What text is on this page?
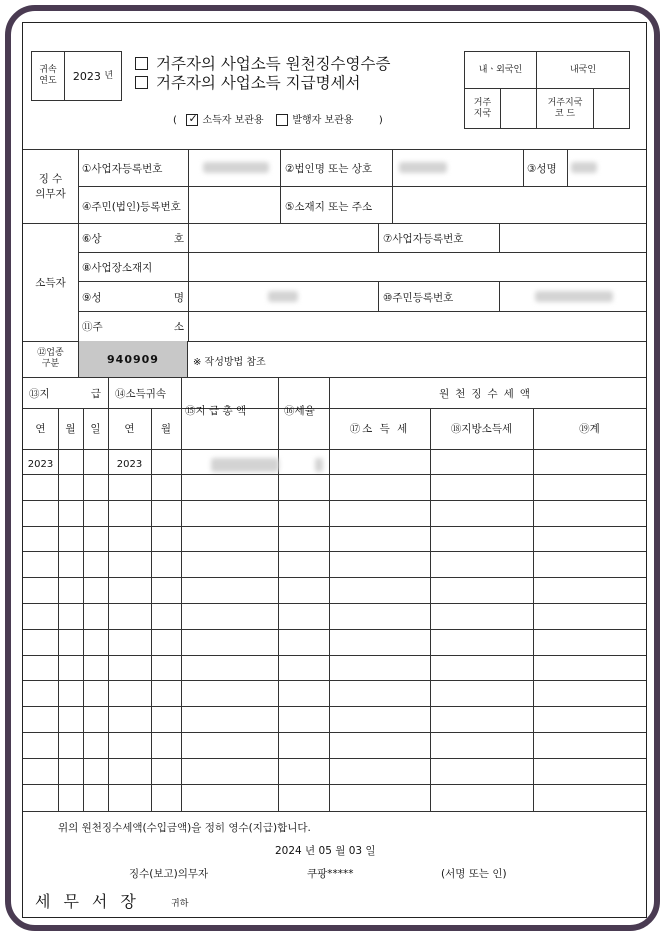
귀속
연도 2023
년
거주자의 사업소득 원천징수영수증
거주자의 사업소득 지급명세서
(   ✓	소득자 보관용	발행자 보관용	)
내ㆍ외국인	내국인
거주
지국
거주지국
코 드
징 수
의무자
①사업자등록번호	②법인명 또는 상호	③성명
④주민(법인)등록번호	⑤소재지 또는 주소
소득자
⑥상	호	⑦사업자등록번호
⑧사업장소재지
⑨성	명	⑩주민등록번호
⑪주	소
⑫업종
구분	940909	※ 작성방법 참조
⑬지	급 ⑭소득귀속
⑮지 급 총 액	⑯세율
원천징수세액
⑰소 득 세	⑱지방소득세	⑲계
연	월	일	연	월
2023	2023
위의 원천징수세액(수입금액)을 정히 영수(지급)합니다.
2024 년 05 월 03 일
징수(보고)의무자	쿠팡*****	(서명 또는 인)
세무서장 귀하
